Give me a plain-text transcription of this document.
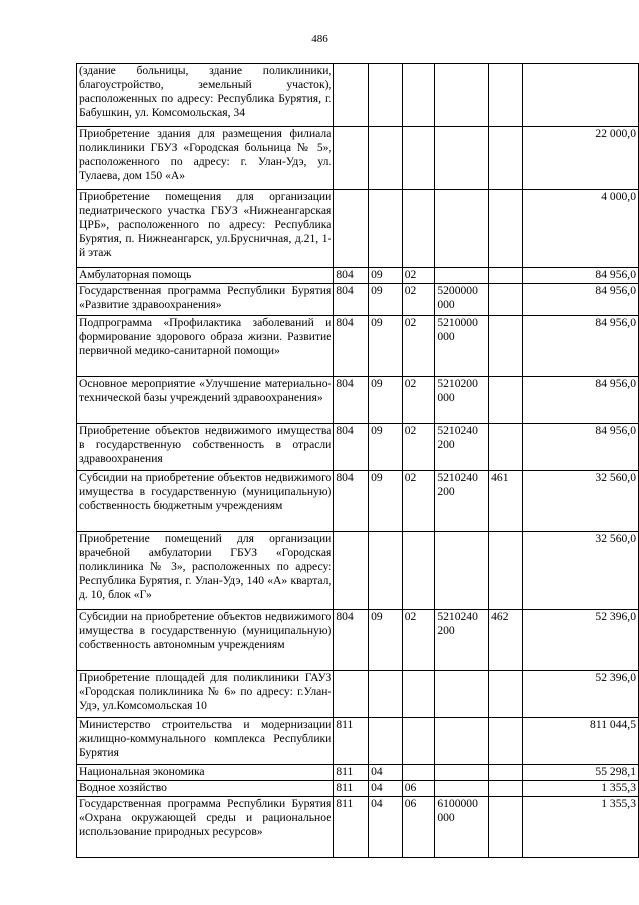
486
(здание больницы, здание поликлиники, благоустройство, земельный участок), расположенных по адресу: Республика Бурятия, г. Бабушкин, ул. Комсомольская, 34						
Приобретение здания для размещения филиала поликлиники ГБУЗ «Городская больница № 5», расположенного по адресу: г. Улан-Удэ, ул. Тулаева, дом 150 «А»						22 000,0
Приобретение помещения для организации педиатрического участка ГБУЗ «Нижнеангарская ЦРБ», расположенного по адресу: Республика Бурятия, п. Нижнеангарск, ул.Брусничная, д.21, 1-й этаж						4 000,0
Амбулаторная помощь	804	09	02			84 956,0
Государственная программа Республики Бурятия «Развитие здравоохранения»	804	09	02	5200000 000		84 956,0
Подпрограмма «Профилактика заболеваний и формирование здорового образа жизни. Развитие первичной медико-санитарной помощи»	804	09	02	5210000 000		84 956,0
Основное мероприятие «Улучшение материально-технической базы учреждений здравоохранения»	804	09	02	5210200 000		84 956,0
Приобретение объектов недвижимого имущества в государственную собственность в отрасли здравоохранения	804	09	02	5210240 200		84 956,0
Субсидии на приобретение объектов недвижимого имущества в государственную (муниципальную) собственность бюджетным учреждениям	804	09	02	5210240 200	461	32 560,0
Приобретение помещений для организации врачебной амбулатории ГБУЗ «Городская поликлиника № 3», расположенных по адресу: Республика Бурятия, г. Улан-Удэ, 140 «А» квартал, д. 10, блок «Г»						32 560,0
Субсидии на приобретение объектов недвижимого имущества в государственную (муниципальную) собственность автономным учреждениям	804	09	02	5210240 200	462	52 396,0
Приобретение площадей для поликлиники ГАУЗ «Городская поликлиника № 6» по адресу: г.Улан-Удэ, ул.Комсомольская 10						52 396,0
Министерство строительства и модернизации жилищно-коммунального комплекса Республики Бурятия	811					811 044,5
Национальная экономика	811	04				55 298,1
Водное хозяйство	811	04	06			1 355,3
Государственная программа Республики Бурятия «Охрана окружающей среды и рациональное использование природных ресурсов»	811	04	06	6100000 000		1 355,3
